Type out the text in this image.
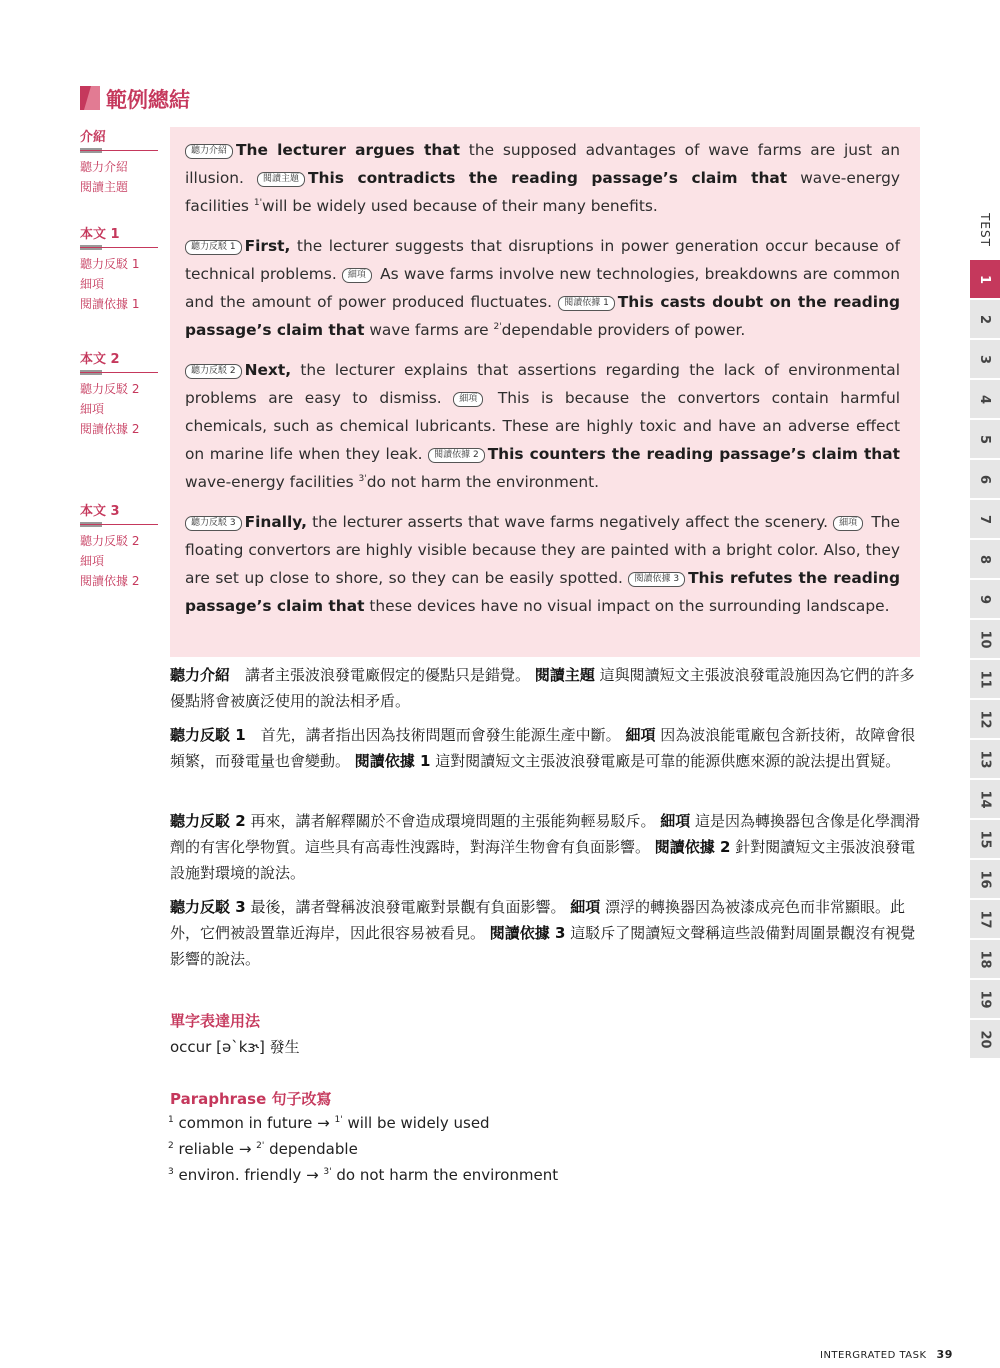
範例總結
介紹
聽力介紹
閱讀主題
本文 1
聽力反駁 1
細項
閱讀依據 1
本文 2
聽力反駁 2
細項
閱讀依據 2
本文 3
聽力反駁 2
細項
閱讀依據 2
聽力介紹 The lecturer argues that the supposed advantages of wave farms are just an illusion. 閱讀主題 This contradicts the reading passage’s claim that wave-energy facilities $^{1'}$will be widely used because of their many benefits.
聽力反駁 1 First, the lecturer suggests that disruptions in power generation occur because of technical problems. 細項 As wave farms involve new technologies, breakdowns are common and the amount of power produced fluctuates. 閱讀依據 1 This casts doubt on the reading passage’s claim that wave farms are $^{2'}$dependable providers of power.
聽力反駁 2 Next, the lecturer explains that assertions regarding the lack of environmental problems are easy to dismiss. 細項 This is because the convertors contain harmful chemicals, such as chemical lubricants. These are highly toxic and have an adverse effect on marine life when they leak. 閱讀依據 2 This counters the reading passage’s claim that wave-energy facilities $^{3'}$do not harm the environment.
聽力反駁 3 Finally, the lecturer asserts that wave farms negatively affect the scenery. 細項 The floating convertors are highly visible because they are painted with a bright color. Also, they are set up close to shore, so they can be easily spotted. 閱讀依據 3 This refutes the reading passage’s claim that these devices have no visual impact on the surrounding landscape.
聽力介紹　講者主張波浪發電廠假定的優點只是錯覺。 閱讀主題 這與閱讀短文主張波浪發電設施因為它們的許多優點將會被廣泛使用的說法相矛盾。
聽力反駁 1　首先，講者指出因為技術問題而會發生能源生產中斷。 細項 因為波浪能電廠包含新技術，故障會很頻繁，而發電量也會變動。 閱讀依據 1 這對閱讀短文主張波浪發電廠是可靠的能源供應來源的說法提出質疑。
聽力反駁 2 再來，講者解釋關於不會造成環境問題的主張能夠輕易駁斥。 細項 這是因為轉換器包含像是化學潤滑劑的有害化學物質。這些具有高毒性洩露時，對海洋生物會有負面影響。 閱讀依據 2 針對閱讀短文主張波浪發電設施對環境的說法。
聽力反駁 3 最後，講者聲稱波浪發電廠對景觀有負面影響。 細項 漂浮的轉換器因為被漆成亮色而非常顯眼。此外，它們被設置靠近海岸，因此很容易被看見。 閱讀依據 3 這駁斥了閱讀短文聲稱這些設備對周圍景觀沒有視覺影響的說法。
單字表達用法
occur [əˋkɝ] 發生
Paraphrase 句子改寫
$^1$ common in future → $^{1'}$ will be widely used
$^2$ reliable → $^{2'}$ dependable
$^3$ environ. friendly → $^{3'}$ do not harm the environment
TEST
1
2
3
4
5
6
7
8
9
10
11
12
13
14
15
16
17
18
19
20
INTERGRATED TASK 39
